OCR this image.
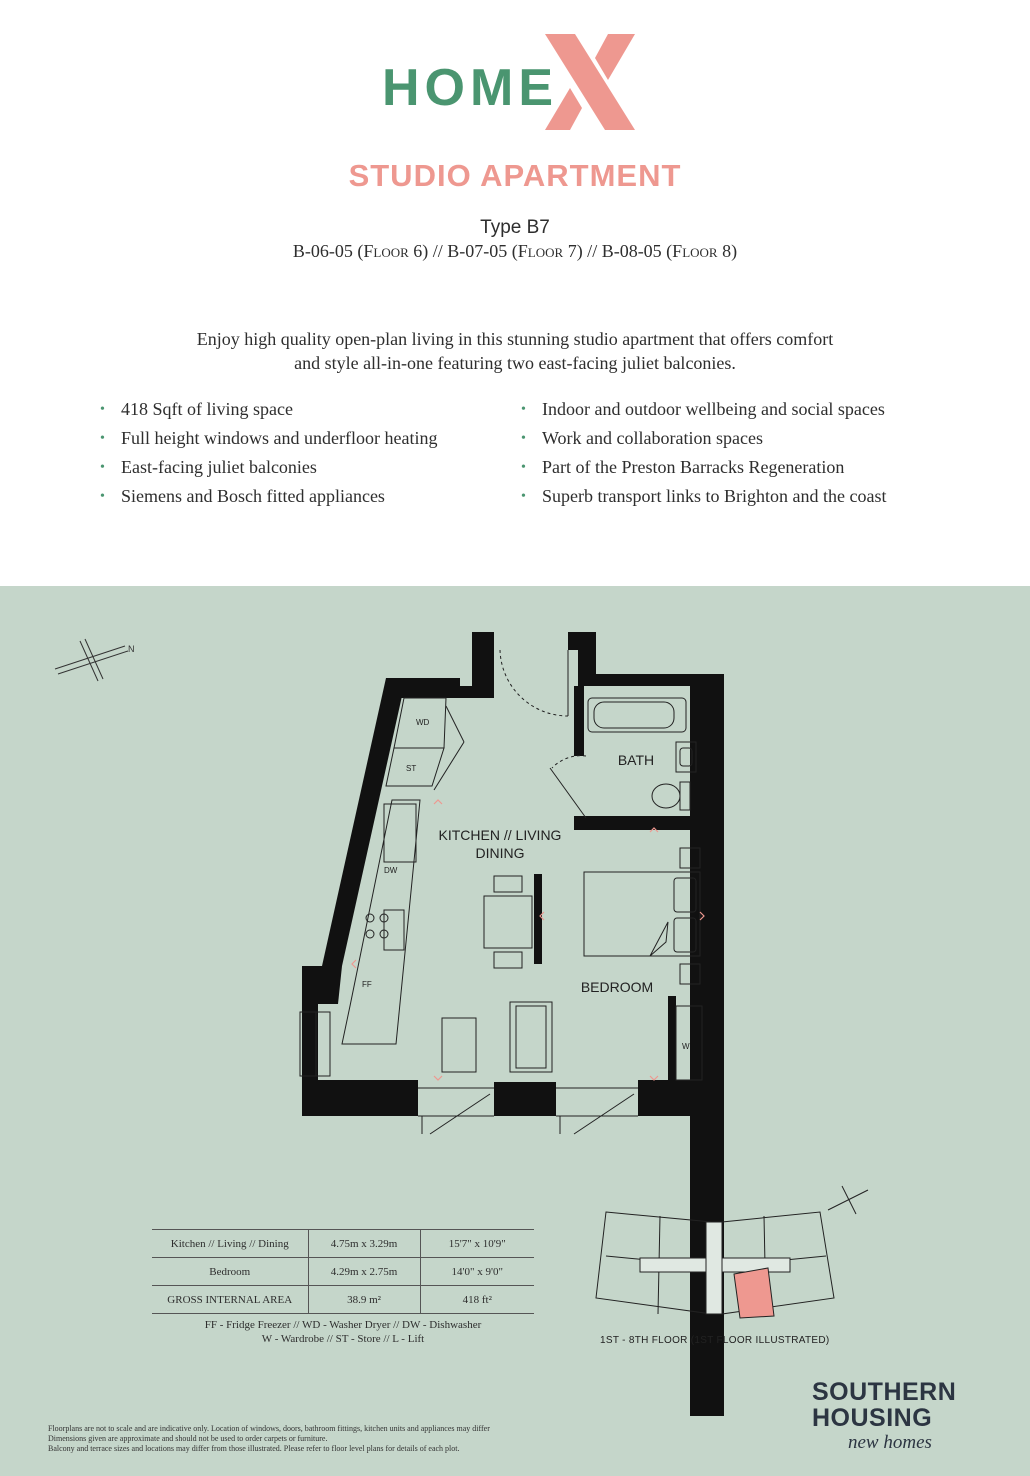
HOME
STUDIO APARTMENT
Type B7
B-06-05 (Floor 6) // B-07-05 (Floor 7) // B-08-05 (Floor 8)
Enjoy high quality open-plan living in this stunning studio apartment that offers comfort
and style all-in-one featuring two east-facing juliet balconies.
• 418 Sqft of living space
• Full height windows and underfloor heating
• East-facing juliet balconies
• Siemens and Bosch fitted appliances
• Indoor and outdoor wellbeing and social spaces
• Work and collaboration spaces
• Part of the Preston Barracks Regeneration
• Superb transport links to Brighton and the coast
N
KITCHEN // LIVING
DINING
BATH
BEDROOM
WD
ST
DW
FF
W
Kitchen // Living // Dining	4.75m x 3.29m	15'7" x 10'9"
Bedroom	4.29m x 2.75m	14'0" x 9'0"
GROSS INTERNAL AREA	38.9 m²	418 ft²
FF - Fridge Freezer // WD - Washer Dryer // DW - Dishwasher
W - Wardrobe // ST - Store // L - Lift	1ST - 8TH FLOOR (1ST FLOOR ILLUSTRATED)
SOUTHERN
HOUSING
new homes
Floorplans are not to scale and are indicative only. Location of windows, doors, bathroom fittings, kitchen units and appliances may differ
Dimensions given are approximate and should not be used to order carpets or furniture.
Balcony and terrace sizes and locations may differ from those illustrated. Please refer to floor level plans for details of each plot.
